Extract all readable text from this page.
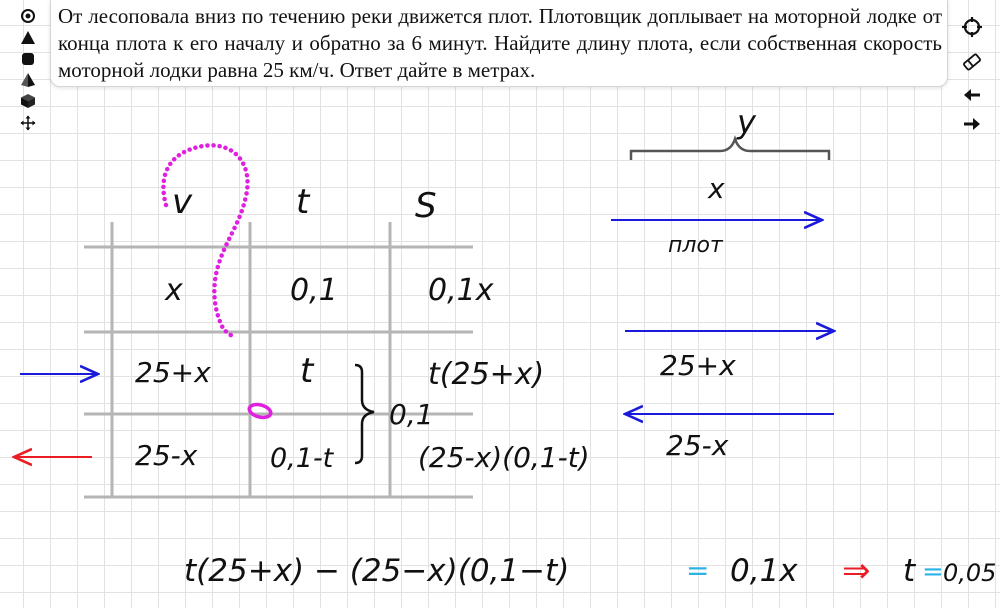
От лесоповала вниз по течению реки движется плот. Плотовщик доплывает на моторной лодке от конца плота к его началу и обратно за 6 минут. Найдите длину плота, если собственная скорость моторной лодки равна 25 км/ч. Ответ дайте в метрах.

v	t	S
x	0,1	0,1x
25+x	t	t(25+x)
25-x	0,1-t	(25-x)(0,1-t)
0,1
y
x
плот
25+x
25-x
t(25+x) − (25−x)(0,1−t)	= 0,1x ⇒ t = 0,05
